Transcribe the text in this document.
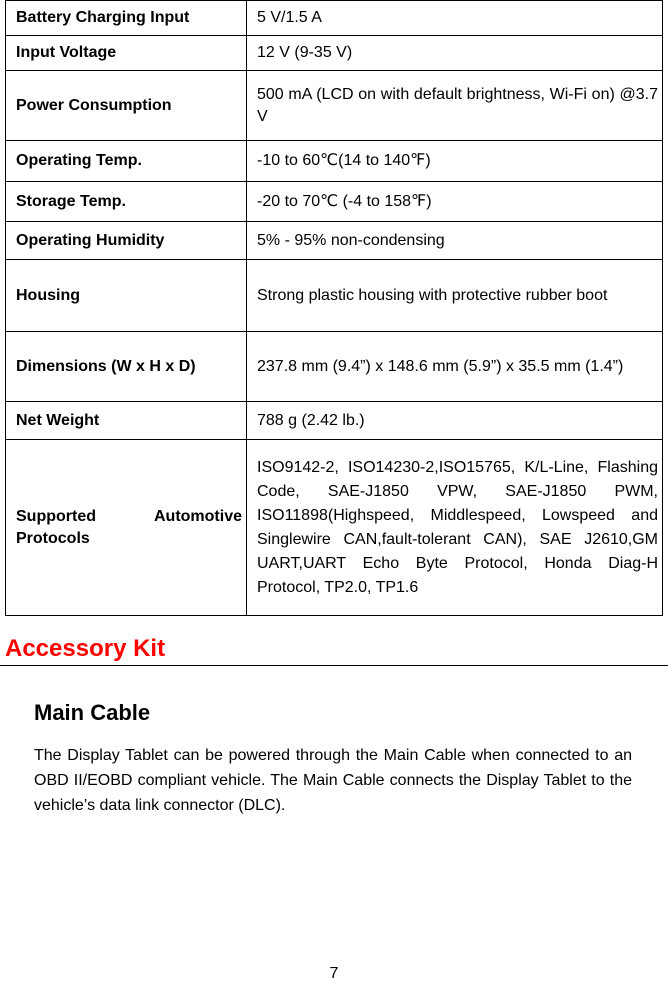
Battery Charging Input	5 V/1.5 A
Input Voltage	12 V (9-35 V)
Power Consumption	500 mA (LCD on with default brightness, Wi-Fi on) @3.7 V
Operating Temp.	-10 to 60℃(14 to 140℉)
Storage Temp.	-20 to 70℃ (-4 to 158℉)
Operating Humidity	5% - 95% non-condensing
Housing	Strong plastic housing with protective rubber boot
Dimensions (W x H x D)	237.8 mm (9.4”) x 148.6 mm (5.9”) x 35.5 mm (1.4”)
Net Weight	788 g (2.42 lb.)
Supported Automotive Protocols	ISO9142-2, ISO14230-2,ISO15765, K/L-Line, Flashing Code, SAE-J1850 VPW, SAE-J1850 PWM, ISO11898(Highspeed, Middlespeed, Lowspeed and Singlewire CAN,fault-tolerant CAN), SAE J2610,GM UART,UART Echo Byte Protocol, Honda Diag-H Protocol, TP2.0, TP1.6
Accessory Kit
Main Cable

The Display Tablet can be powered through the Main Cable when connected to an OBD II/EOBD compliant vehicle. The Main Cable connects the Display Tablet to the vehicle’s data link connector (DLC).

7
